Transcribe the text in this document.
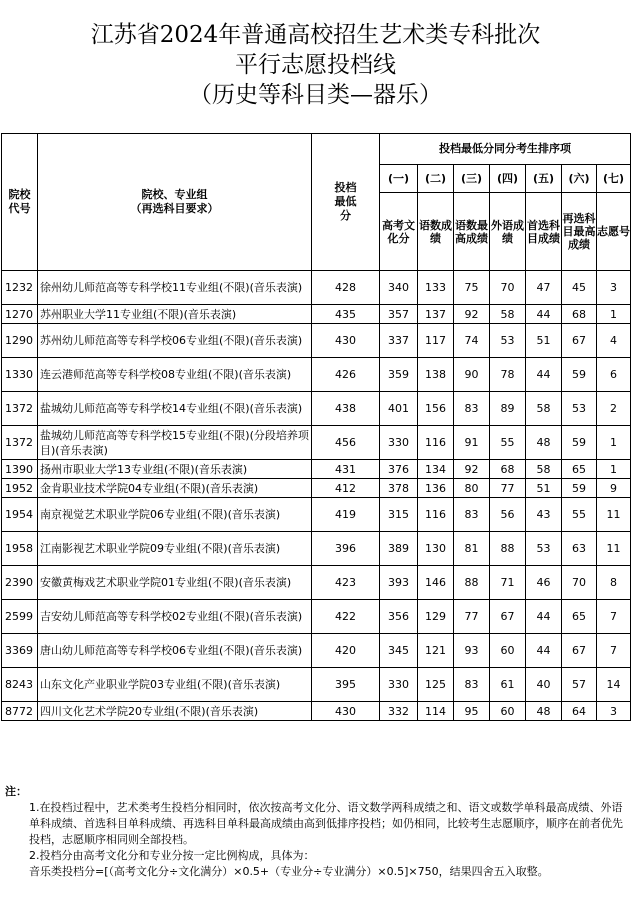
江苏省2024年普通高校招生艺术类专科批次
平行志愿投档线
（历史等科目类—器乐）
院校代号	院校、专业组
（再选科目要求）	投档最低分	投档最低分同分考生排序项						
			(一)	(二)	(三)	(四)	(五)	(六)	(七)
			高考文化分	语数成绩	语数最高成绩	外语成绩	首选科目成绩	再选科目最高成绩	志愿号
1232	徐州幼儿师范高等专科学校11专业组(不限)(音乐表演)	428	340	133	75	70	47	45	3
1270	苏州职业大学11专业组(不限)(音乐表演)	435	357	137	92	58	44	68	1
1290	苏州幼儿师范高等专科学校06专业组(不限)(音乐表演)	430	337	117	74	53	51	67	4
1330	连云港师范高等专科学校08专业组(不限)(音乐表演)	426	359	138	90	78	44	59	6
1372	盐城幼儿师范高等专科学校14专业组(不限)(音乐表演)	438	401	156	83	89	58	53	2
1372	盐城幼儿师范高等专科学校15专业组(不限)(分段培养项目)(音乐表演)	456	330	116	91	55	48	59	1
1390	扬州市职业大学13专业组(不限)(音乐表演)	431	376	134	92	68	58	65	1
1952	金肯职业技术学院04专业组(不限)(音乐表演)	412	378	136	80	77	51	59	9
1954	南京视觉艺术职业学院06专业组(不限)(音乐表演)	419	315	116	83	56	43	55	11
1958	江南影视艺术职业学院09专业组(不限)(音乐表演)	396	389	130	81	88	53	63	11
2390	安徽黄梅戏艺术职业学院01专业组(不限)(音乐表演)	423	393	146	88	71	46	70	8
2599	吉安幼儿师范高等专科学校02专业组(不限)(音乐表演)	422	356	129	77	67	44	65	7
3369	唐山幼儿师范高等专科学校06专业组(不限)(音乐表演)	420	345	121	93	60	44	67	7
8243	山东文化产业职业学院03专业组(不限)(音乐表演)	395	330	125	83	61	40	57	14
8772	四川文化艺术学院20专业组(不限)(音乐表演)	430	332	114	95	60	48	64	3

注：

1.在投档过程中，艺术类考生投档分相同时，依次按高考文化分、语文数学两科成绩之和、语文或数学单科最高成绩、外语单科成绩、首选科目单科成绩、再选科目单科最高成绩由高到低排序投档；如仍相同，比较考生志愿顺序，顺序在前者优先投档，志愿顺序相同则全部投档。

2.投档分由高考文化分和专业分按一定比例构成，具体为：

音乐类投档分=[（高考文化分÷文化满分）×0.5+（专业分÷专业满分）×0.5]×750，结果四舍五入取整。
